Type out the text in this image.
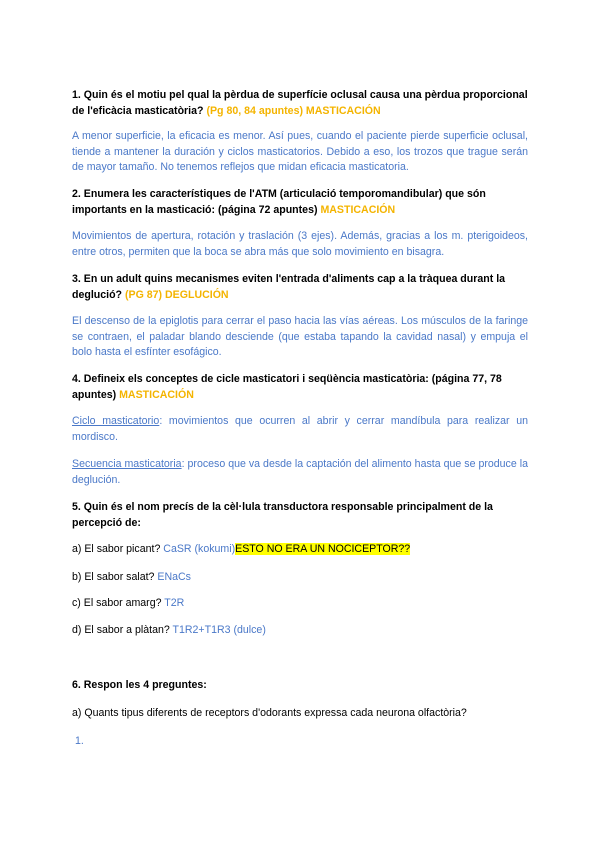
1. Quin és el motiu pel qual la pèrdua de superfície oclusal causa una pèrdua proporcional de l'eficàcia masticatòria? (Pg 80, 84 apuntes) MASTICACIÓN
A menor superficie, la eficacia es menor. Así pues, cuando el paciente pierde superficie oclusal, tiende a mantener la duración y ciclos masticatorios. Debido a eso, los trozos que trague serán de mayor tamaño. No tenemos reflejos que midan eficacia masticatoria.
2. Enumera les característiques de l'ATM (articulació temporomandibular) que són importants en la masticació: (página 72 apuntes) MASTICACIÓN
Movimientos de apertura, rotación y traslación (3 ejes). Además, gracias a los m. pterigoideos, entre otros, permiten que la boca se abra más que solo movimiento en bisagra.
3. En un adult quins mecanismes eviten l'entrada d'aliments cap a la tràquea durant la deglució? (PG 87) DEGLUCIÓN
El descenso de la epiglotis para cerrar el paso hacia las vías aéreas. Los músculos de la faringe se contraen, el paladar blando desciende (que estaba tapando la cavidad nasal) y empuja el bolo hasta el esfínter esofágico.
4. Defineix els conceptes de cicle masticatori i seqüència masticatòria: (página 77, 78 apuntes) MASTICACIÓN
Ciclo masticatorio: movimientos que ocurren al abrir y cerrar mandíbula para realizar un mordisco.
Secuencia masticatoria: proceso que va desde la captación del alimento hasta que se produce la deglución.
5. Quin és el nom precís de la cèl·lula transductora responsable principalment de la percepció de:
a) El sabor picant? CaSR (kokumi)ESTO NO ERA UN NOCICEPTOR??
b) El sabor salat? ENaCs
c) El sabor amarg? T2R
d) El sabor a plàtan? T1R2+T1R3 (dulce)
6. Respon les 4 preguntes:
a) Quants tipus diferents de receptors d'odorants expressa cada neurona olfactòria?
1.
